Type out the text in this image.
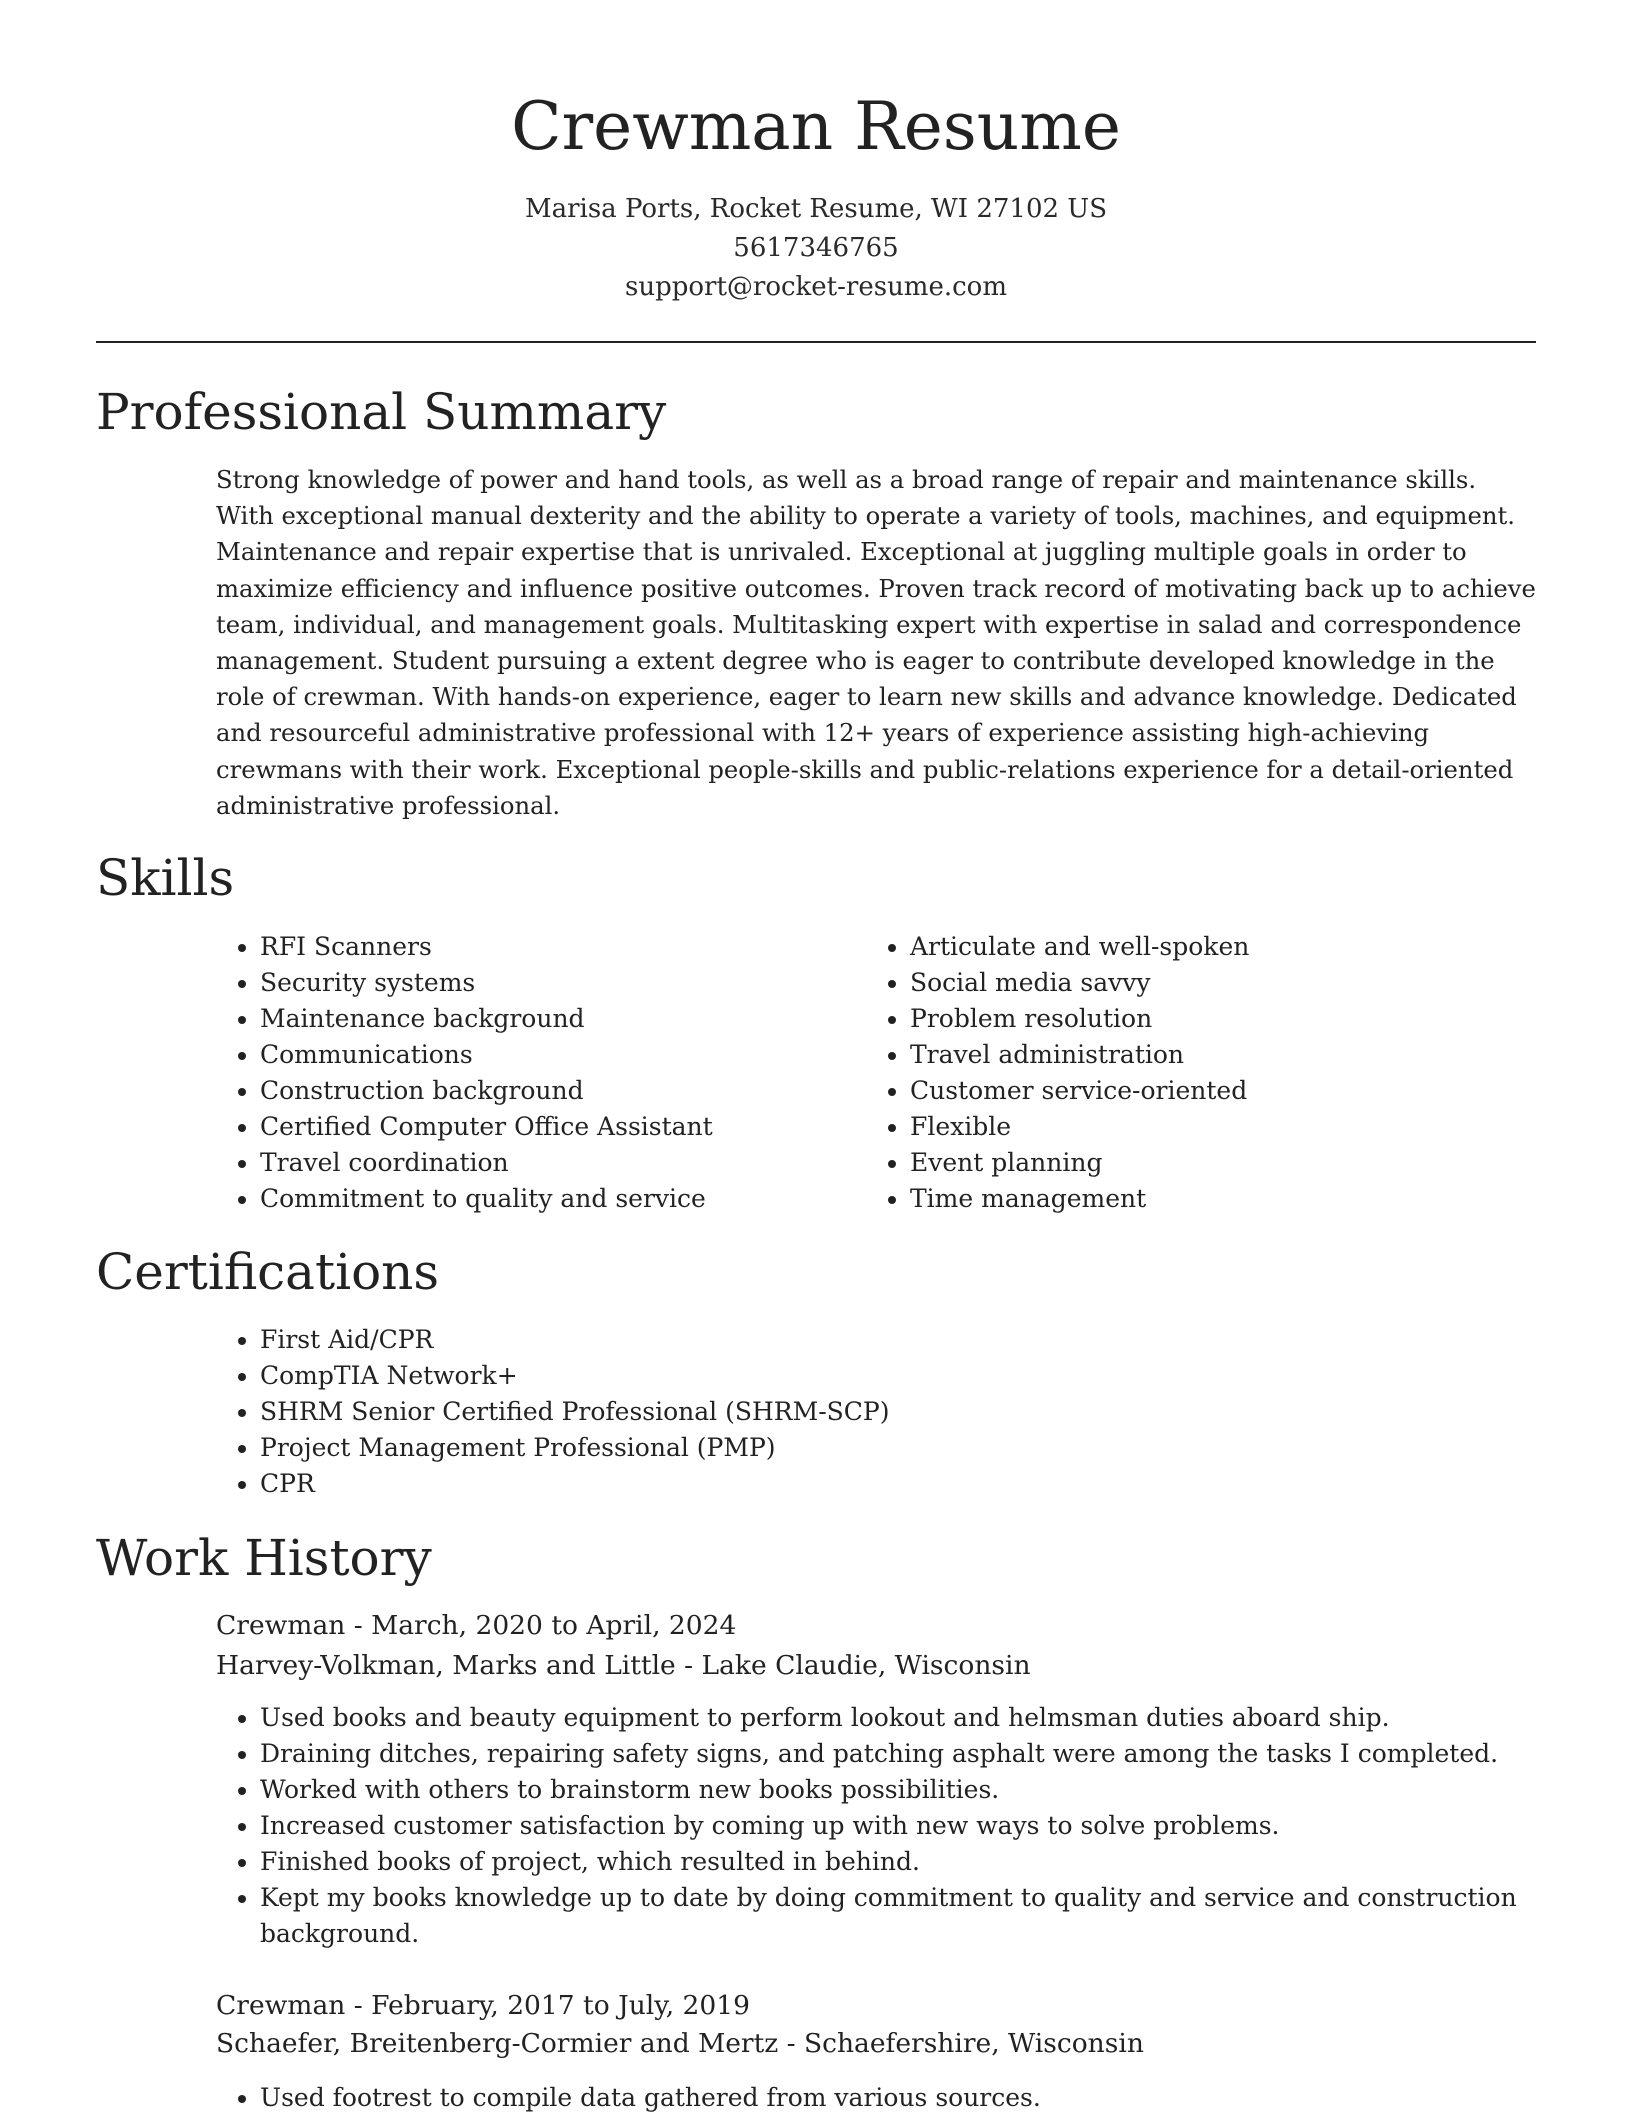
Crewman Resume
Marisa Ports, Rocket Resume, WI 27102 US
5617346765
support@rocket-resume.com
Professional Summary

Strong knowledge of power and hand tools, as well as a broad range of repair and maintenance skills. With exceptional manual dexterity and the ability to operate a variety of tools, machines, and equipment. Maintenance and repair expertise that is unrivaled. Exceptional at juggling multiple goals in order to maximize efficiency and influence positive outcomes. Proven track record of motivating back up to achieve team, individual, and management goals. Multitasking expert with expertise in salad and correspondence management. Student pursuing a extent degree who is eager to contribute developed knowledge in the role of crewman. With hands-on experience, eager to learn new skills and advance knowledge. Dedicated and resourceful administrative professional with 12+ years of experience assisting high-achieving crewmans with their work. Exceptional people-skills and public-relations experience for a detail-oriented administrative professional.

Skills
• RFI Scanners
• Security systems
• Maintenance background
• Communications
• Construction background
• Certified Computer Office Assistant
• Travel coordination
• Commitment to quality and service
• Articulate and well-spoken
• Social media savvy
• Problem resolution
• Travel administration
• Customer service-oriented
• Flexible
• Event planning
• Time management
Certifications
• First Aid/CPR
• CompTIA Network+
• SHRM Senior Certified Professional (SHRM-SCP)
• Project Management Professional (PMP)
• CPR
Work History
Crewman - March, 2020 to April, 2024
Harvey-Volkman, Marks and Little - Lake Claudie, Wisconsin
• Used books and beauty equipment to perform lookout and helmsman duties aboard ship.
• Draining ditches, repairing safety signs, and patching asphalt were among the tasks I completed.
• Worked with others to brainstorm new books possibilities.
• Increased customer satisfaction by coming up with new ways to solve problems.
• Finished books of project, which resulted in behind.
• Kept my books knowledge up to date by doing commitment to quality and service and construction background.
Crewman - February, 2017 to July, 2019
Schaefer, Breitenberg-Cormier and Mertz - Schaefershire, Wisconsin
• Used footrest to compile data gathered from various sources.
